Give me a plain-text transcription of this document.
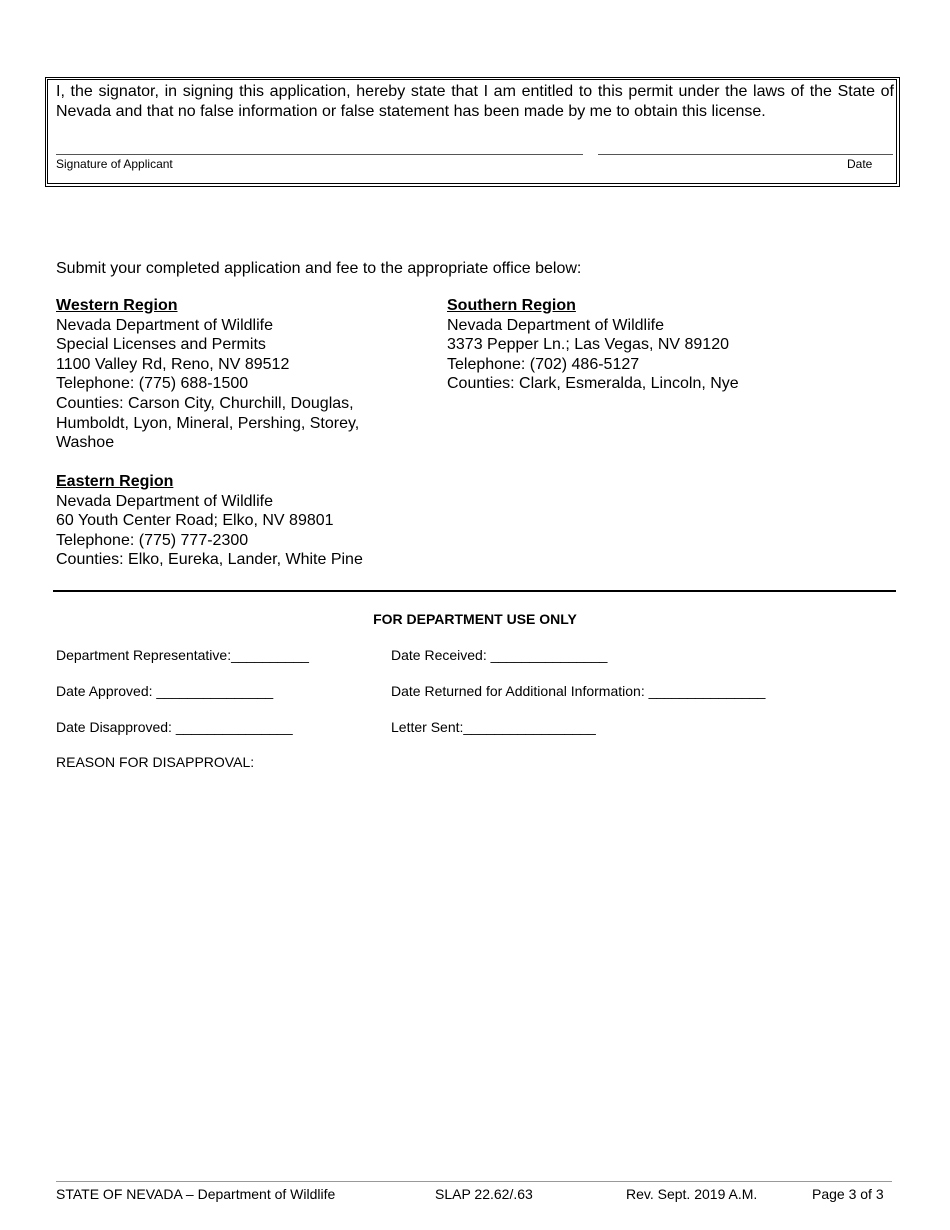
I, the signator, in signing this application, hereby state that I am entitled to this permit under the laws of the State of Nevada and that no false information or false statement has been made by me to obtain this license.
Signature of Applicant	Date
Submit your completed application and fee to the appropriate office below:
Western Region
Nevada Department of Wildlife
Special Licenses and Permits
1100 Valley Rd, Reno, NV 89512
Telephone: (775) 688-1500
Counties: Carson City, Churchill, Douglas,
Humboldt, Lyon, Mineral, Pershing, Storey,
Washoe
Southern Region
Nevada Department of Wildlife
3373 Pepper Ln.; Las Vegas, NV 89120
Telephone: (702) 486-5127
Counties: Clark, Esmeralda, Lincoln, Nye
Eastern Region
Nevada Department of Wildlife
60 Youth Center Road; Elko, NV 89801
Telephone: (775) 777-2300
Counties: Elko, Eureka, Lander, White Pine
FOR DEPARTMENT USE ONLY
Department Representative:__________	Date Received: _______________
Date Approved: _______________	Date Returned for Additional Information: _______________
Date Disapproved: _______________	Letter Sent:_________________
REASON FOR DISAPPROVAL:
STATE OF NEVADA – Department of Wildlife	SLAP 22.62/.63	Rev. Sept. 2019 A.M.	Page 3 of 3
